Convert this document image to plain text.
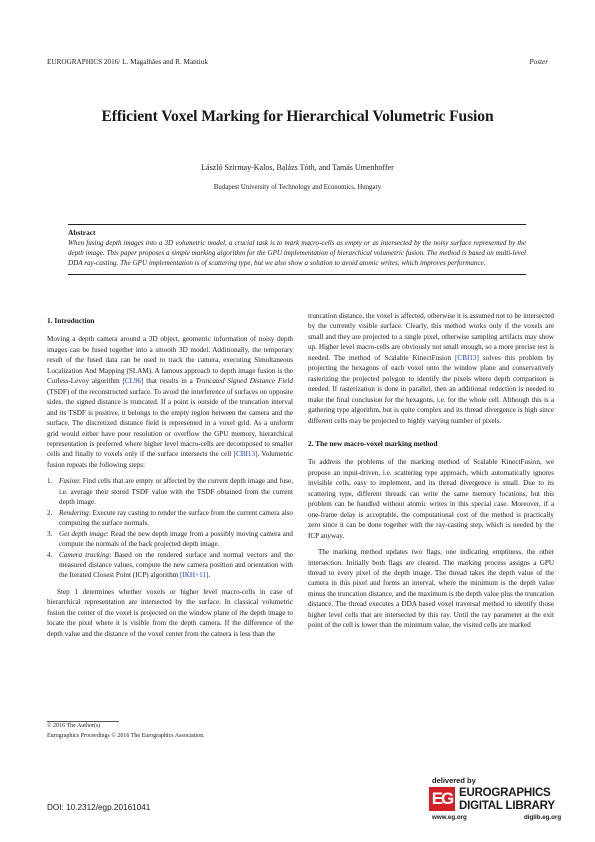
EUROGRAPHICS 2016/ L. Magalhães and R. Mantiuk	Poster
Efficient Voxel Marking for Hierarchical Volumetric Fusion
László Szirmay-Kalos, Balázs Tóth, and Tamás Umenhoffer
Budapest University of Technology and Economics, Hungary
Abstract

When fusing depth images into a 3D volumetric model, a crucial task is to mark macro-cells as empty or as intersected by the noisy surface represented by the depth image. This paper proposes a simple marking algorithm for the GPU implementation of hierarchical volumetric fusion. The method is based on multi-level DDA ray-casting. The GPU implementation is of scattering type, but we also show a solution to avoid atomic writes, which improves performance.

1. Introduction

Moving a depth camera around a 3D object, geometric information of noisy depth images can be fused together into a smooth 3D model. Additionally, the temporary result of the fused data can be used to track the camera, executing Simultaneous Localization And Mapping (SLAM). A famous approach to depth image fusion is the Curless-Levoy algorithm [CL96] that results in a Truncated Signed Distance Field (TSDF) of the reconstructed surface. To avoid the interference of surfaces on opposite sides, the signed distance is truncated. If a point is outside of the truncation interval and its TSDF is positive, it belongs to the empty region between the camera and the surface. The discretized distance field is represented in a voxel grid. As a uniform grid would either have poor resolution or overflow the GPU memory, hierarchical representation is preferred where higher level macro-cells are decomposed to smaller cells and finally to voxels only if the surface intersects the cell [CBI13]. Volumetric fusion repeats the following steps:

1. Fusion: Find cells that are empty or affected by the current depth image and fuse, i.e. average their stored TSDF value with the TSDF obtained from the current depth image.
2. Rendering: Execute ray casting to render the surface from the current camera also computing the surface normals.
3. Get depth image: Read the new depth image from a possibly moving camera and compute the normals of the back projected depth image.
4. Camera tracking: Based on the rendered surface and normal vectors and the measured distance values, compute the new camera position and orientation with the Iterated Closest Point (ICP) algorithm [IKH+11].

Step 1 determines whether voxels or higher level macro-cells in case of hierarchical representation are intersected by the surface. In classical volumetric fusion the center of the voxel is projected on the window plane of the depth image to locate the pixel where it is visible from the depth camera. If the difference of the depth value and the distance of the voxel center from the camera is less than the

truncation distance, the voxel is affected, otherwise it is assumed not to be intersected by the currently visible surface. Clearly, this method works only if the voxels are small and they are projected to a single pixel, otherwise sampling artifacts may show up. Higher level macro-cells are obviously not small enough, so a more precise test is needed. The method of Scalable KinectFusion [CBI13] solves this problem by projecting the hexagons of each voxel onto the window plane and conservatively rasterizing the projected polygon to identify the pixels where depth comparison is needed. If rasterization is done in parallel, then an additional reduction is needed to make the final conclusion for the hexagons, i.e. for the whole cell. Although this is a gathering type algorithm, but is quite complex and its thread divergence is high since different cells may be projected to highly varying number of pixels.

2. The new macro-voxel marking method

To address the problems of the marking method of Scalable KinectFusion, we propose an input-driven, i.e. scattering type approach, which automatically ignores invisible cells, easy to implement, and its thread divergence is small. Due to its scattering type, different threads can write the same memory locations, but this problem can be handled without atomic writes in this special case. Moreover, if a one-frame delay is acceptable, the computational cost of the method is practically zero since it can be done together with the ray-casting step, which is needed by the ICP anyway.

The marking method updates two flags, one indicating emptiness, the other intersection. Initially both flags are cleared. The marking process assigns a GPU thread to every pixel of the depth image. The thread takes the depth value of the camera in this pixel and forms an interval, where the minimum is the depth value minus the truncation distance, and the maximum is the depth value plus the truncation distance. The thread executes a DDA based voxel traversal method to identify those higher level cells that are intersected by this ray. Until the ray parameter at the exit point of the cell is lower than the minimum value, the visited cells are marked

© 2016 The Author(s)
Eurographics Proceedings © 2016 The Eurographics Association.
DOI: 10.2312/egp.20161041
delivered by
EG EUROGRAPHICS
DIGITAL LIBRARY
www.eg.org	diglib.eg.org
